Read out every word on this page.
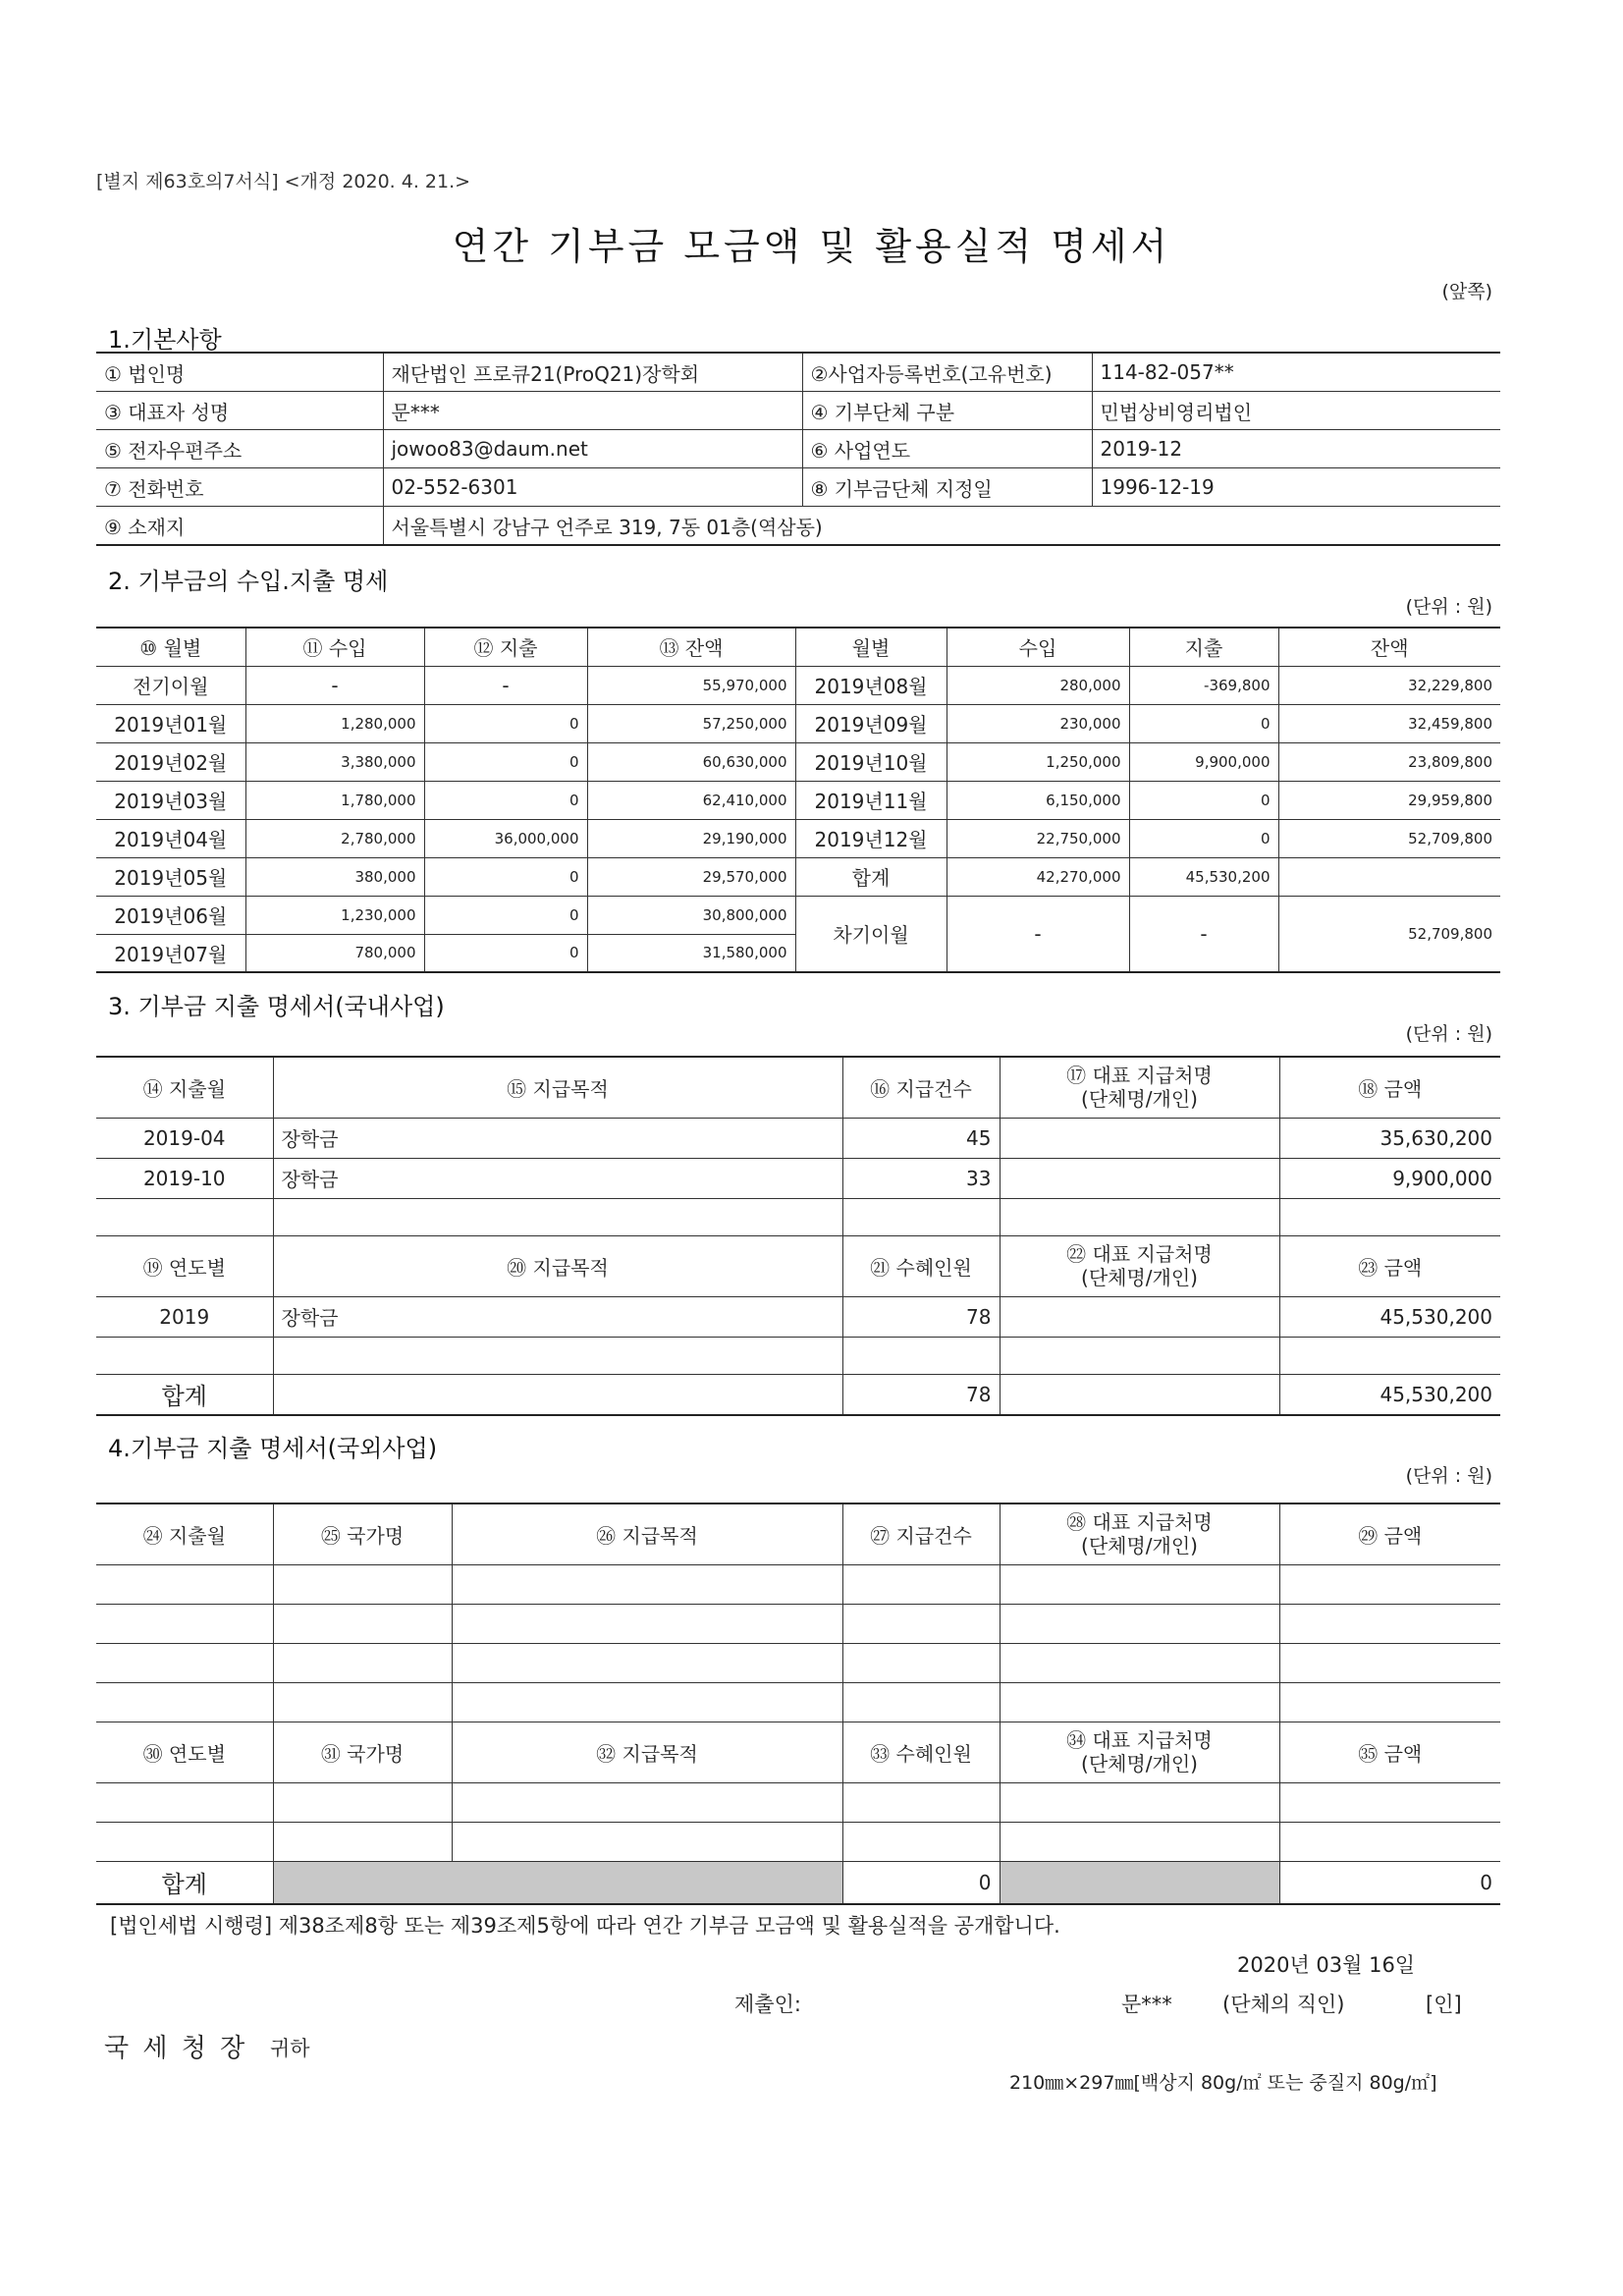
[별지 제63호의7서식] <개정 2020. 4. 21.>
연간 기부금 모금액 및 활용실적 명세서
(앞쪽)
1.기본사항
① 법인명	재단법인 프로큐21(ProQ21)장학회	②사업자등록번호(고유번호)	114-82-057**
③ 대표자 성명	문***	④ 기부단체 구분	민법상비영리법인
⑤ 전자우편주소	jowoo83@daum.net	⑥ 사업연도	2019-12
⑦ 전화번호	02-552-6301	⑧ 기부금단체 지정일	1996-12-19
⑨ 소재지	서울특별시 강남구 언주로 319, 7동 01층(역삼동)		
2. 기부금의 수입.지출 명세
(단위 : 원)
⑩ 월별	⑪ 수입	⑫ 지출	⑬ 잔액	월별	수입	지출	잔액
전기이월	-	-	55,970,000	2019년08월	280,000	-369,800	32,229,800
2019년01월	1,280,000	0	57,250,000	2019년09월	230,000	0	32,459,800
2019년02월	3,380,000	0	60,630,000	2019년10월	1,250,000	9,900,000	23,809,800
2019년03월	1,780,000	0	62,410,000	2019년11월	6,150,000	0	29,959,800
2019년04월	2,780,000	36,000,000	29,190,000	2019년12월	22,750,000	0	52,709,800
2019년05월	380,000	0	29,570,000	합계	42,270,000	45,530,200	
2019년06월	1,230,000	0	30,800,000	차기이월	-	-	52,709,800
2019년07월	780,000	0	31,580,000				
3. 기부금 지출 명세서(국내사업)
(단위 : 원)
⑭ 지출월	⑮ 지급목적	⑯ 지급건수	⑰ 대표 지급처명
(단체명/개인)	⑱ 금액
2019-04	장학금	45		35,630,200
2019-10	장학금	33		9,900,000

⑲ 연도별	⑳ 지급목적	㉑ 수혜인원	㉒ 대표 지급처명
(단체명/개인)	㉓ 금액
2019	장학금	78		45,530,200

합계		78		45,530,200
4.기부금 지출 명세서(국외사업)
(단위 : 원)
㉔ 지출월	㉕ 국가명	㉖ 지급목적	㉗ 지급건수	㉘ 대표 지급처명
(단체명/개인)	㉙ 금액

㉚ 연도별	㉛ 국가명	㉜ 지급목적	㉝ 수혜인원	㉞ 대표 지급처명
(단체명/개인)	㉟ 금액

합계			0		0
[법인세법 시행령] 제38조제8항 또는 제39조제5항에 따라 연간 기부금 모금액 및 활용실적을 공개합니다.
2020년 03월 16일
제출인:	문*** (단체의 직인)	[인]
국 세 청 장 귀하
210㎜×297㎜[백상지 80g/㎡ 또는 중질지 80g/㎡]
